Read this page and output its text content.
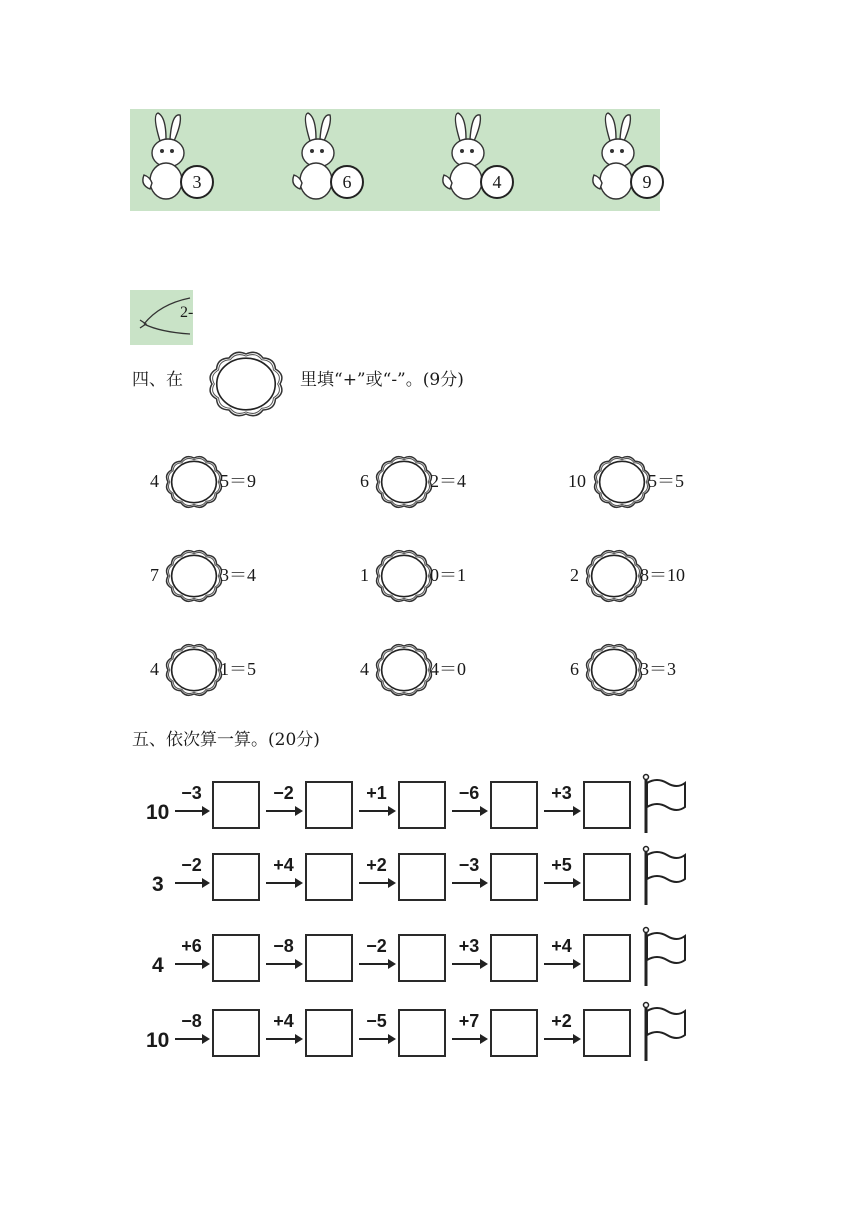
3	6	4	9
2-
四、在	里填“+”或“-”。(9分)
4	5＝9	6	2＝4	10	5＝5
7	3＝4	1	0＝1	2	8＝10
4	1＝5	4	4＝0	6	3＝3
五、依次算一算。(20分)
10
−3	−2	+1	−6	+3
3
−2	+4	+2	−3	+5
4
+6	−8	−2	+3	+4
10
−8	+4	−5	+7	+2
